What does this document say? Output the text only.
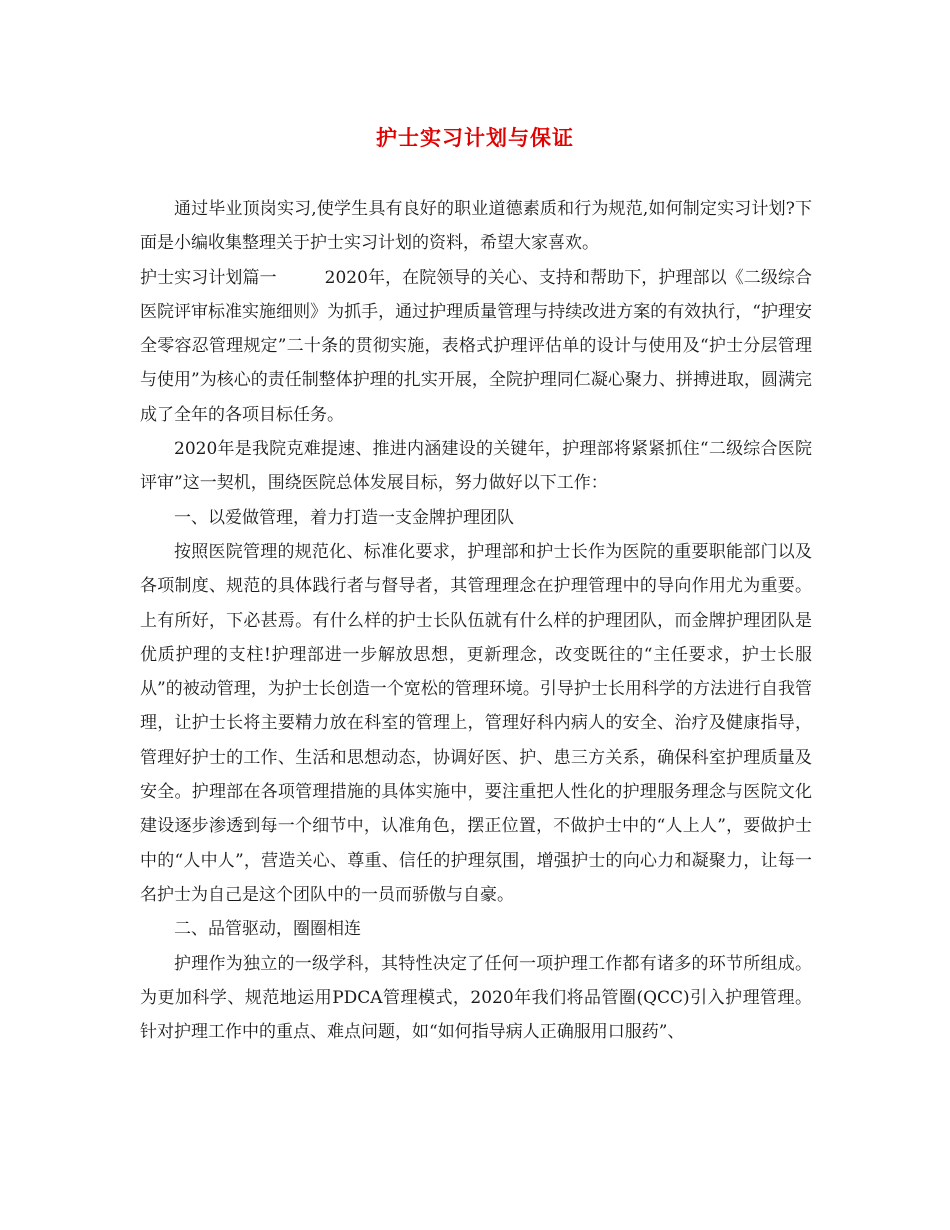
护士实习计划与保证

通过毕业顶岗实习,使学生具有良好的职业道德素质和行为规范,如何制定实习计划?下面是小编收集整理关于护士实习计划的资料，希望大家喜欢。

护士实习计划篇一	2020年，在院领导的关心、支持和帮助下，护理部以《二级综合医院评审标准实施细则》为抓手，通过护理质量管理与持续改进方案的有效执行，“护理安全零容忍管理规定”二十条的贯彻实施，表格式护理评估单的设计与使用及“护士分层管理与使用”为核心的责任制整体护理的扎实开展，全院护理同仁凝心聚力、拼搏进取，圆满完成了全年的各项目标任务。

2020年是我院克难提速、推进内涵建设的关键年，护理部将紧紧抓住“二级综合医院评审”这一契机，围绕医院总体发展目标，努力做好以下工作：

一、以爱做管理，着力打造一支金牌护理团队

按照医院管理的规范化、标准化要求，护理部和护士长作为医院的重要职能部门以及各项制度、规范的具体践行者与督导者，其管理理念在护理管理中的导向作用尤为重要。上有所好，下必甚焉。有什么样的护士长队伍就有什么样的护理团队，而金牌护理团队是优质护理的支柱!护理部进一步解放思想，更新理念，改变既往的“主任要求，护士长服从”的被动管理，为护士长创造一个宽松的管理环境。引导护士长用科学的方法进行自我管理，让护士长将主要精力放在科室的管理上，管理好科内病人的安全、治疗及健康指导，管理好护士的工作、生活和思想动态，协调好医、护、患三方关系，确保科室护理质量及安全。护理部在各项管理措施的具体实施中，要注重把人性化的护理服务理念与医院文化建设逐步渗透到每一个细节中，认准角色，摆正位置，不做护士中的“人上人”，要做护士中的“人中人”，营造关心、尊重、信任的护理氛围，增强护士的向心力和凝聚力，让每一名护士为自己是这个团队中的一员而骄傲与自豪。

二、品管驱动，圈圈相连

护理作为独立的一级学科，其特性决定了任何一项护理工作都有诸多的环节所组成。为更加科学、规范地运用PDCA管理模式，2020年我们将品管圈(QCC)引入护理管理。针对护理工作中的重点、难点问题，如“如何指导病人正确服用口服药”、
